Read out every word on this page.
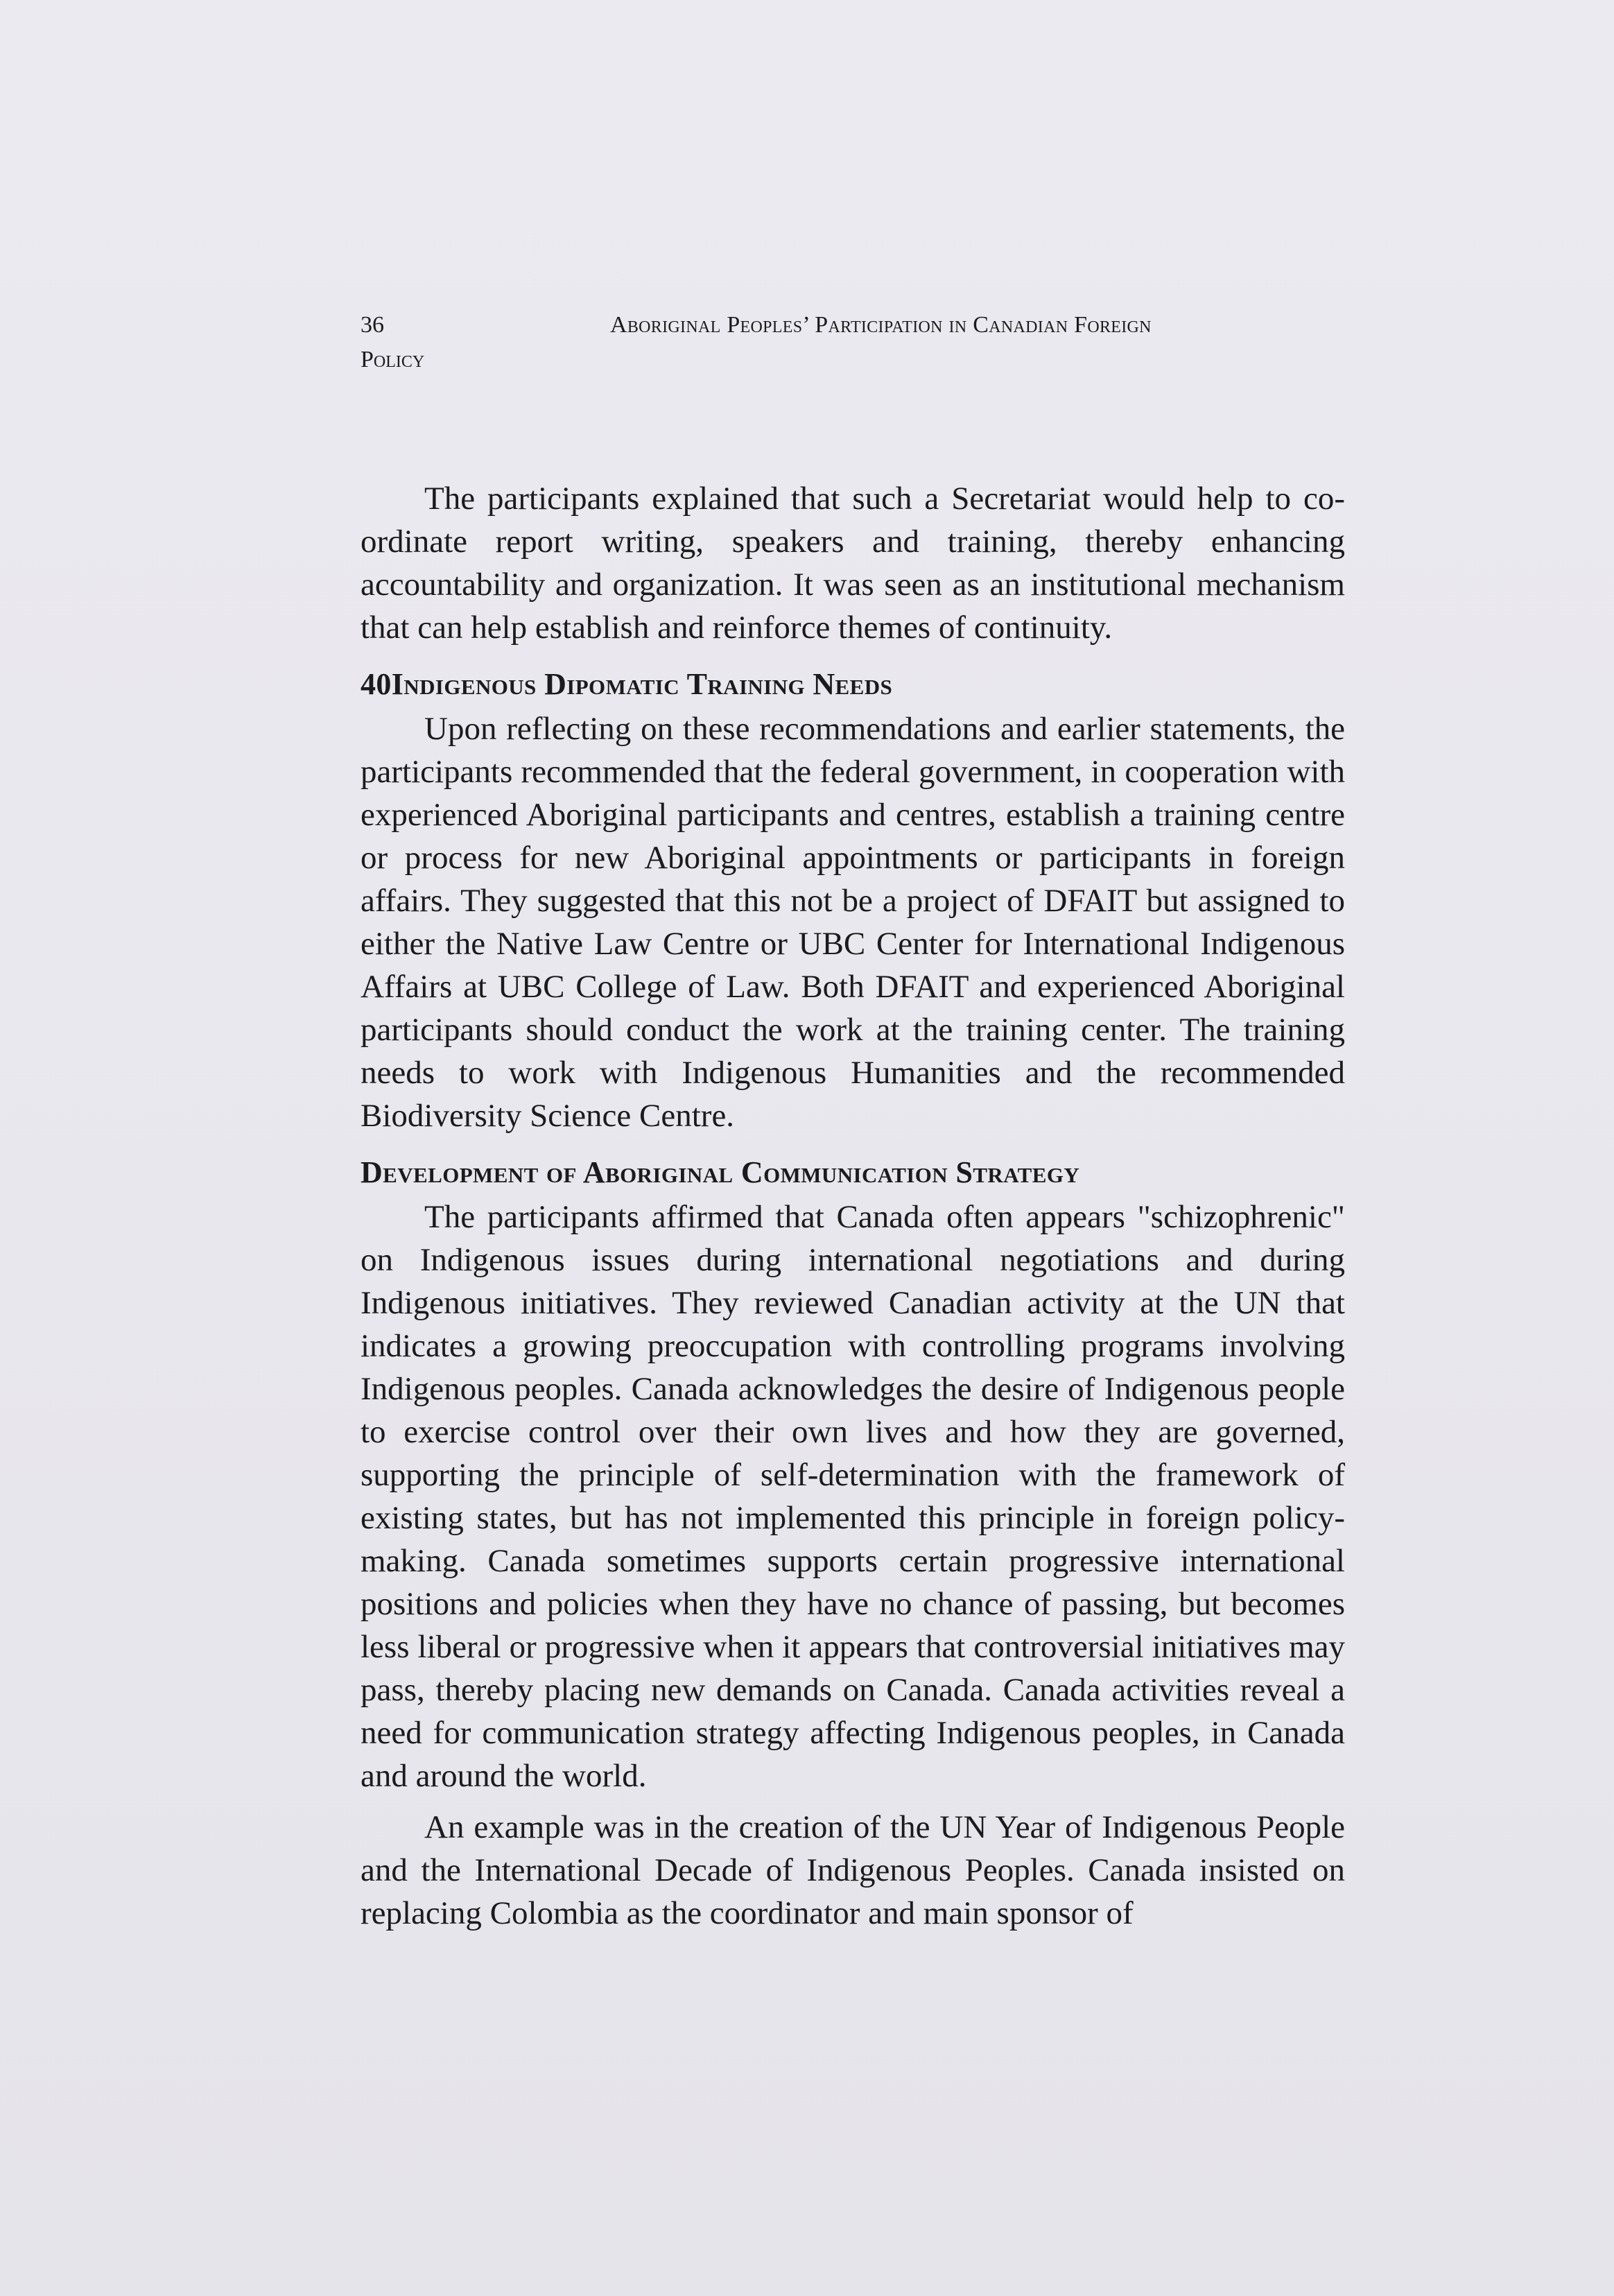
36	Aboriginal Peoples’ Participation in Canadian Foreign
Policy

The participants explained that such a Secretariat would help to co-ordinate report writing, speakers and training, thereby enhancing accountability and organization. It was seen as an institutional mechanism that can help establish and reinforce themes of continuity.

40Indigenous Dipomatic Training Needs

Upon reflecting on these recommendations and earlier statements, the participants recommended that the federal government, in cooperation with experienced Aboriginal participants and centres, establish a training centre or process for new Aboriginal appointments or participants in foreign affairs. They suggested that this not be a project of DFAIT but assigned to either the Native Law Centre or UBC Center for International Indigenous Affairs at UBC College of Law. Both DFAIT and experienced Aboriginal participants should conduct the work at the training center. The training needs to work with Indigenous Humanities and the recommended Biodiversity Science Centre.

Development of Aboriginal Communication Strategy

The participants affirmed that Canada often appears "schizophrenic" on Indigenous issues during international negotiations and during Indigenous initiatives. They reviewed Canadian activity at the UN that indicates a growing preoccupation with controlling programs involving Indigenous peoples. Canada acknowledges the desire of Indigenous people to exercise control over their own lives and how they are governed, supporting the principle of self-determination with the framework of existing states, but has not implemented this principle in foreign policy-making. Canada sometimes supports certain progressive international positions and policies when they have no chance of passing, but becomes less liberal or progressive when it appears that controversial initiatives may pass, thereby placing new demands on Canada. Canada activities reveal a need for communication strategy affecting Indigenous peoples, in Canada and around the world.

An example was in the creation of the UN Year of Indigenous People and the International Decade of Indigenous Peoples. Canada insisted on replacing Colombia as the coordinator and main sponsor of
